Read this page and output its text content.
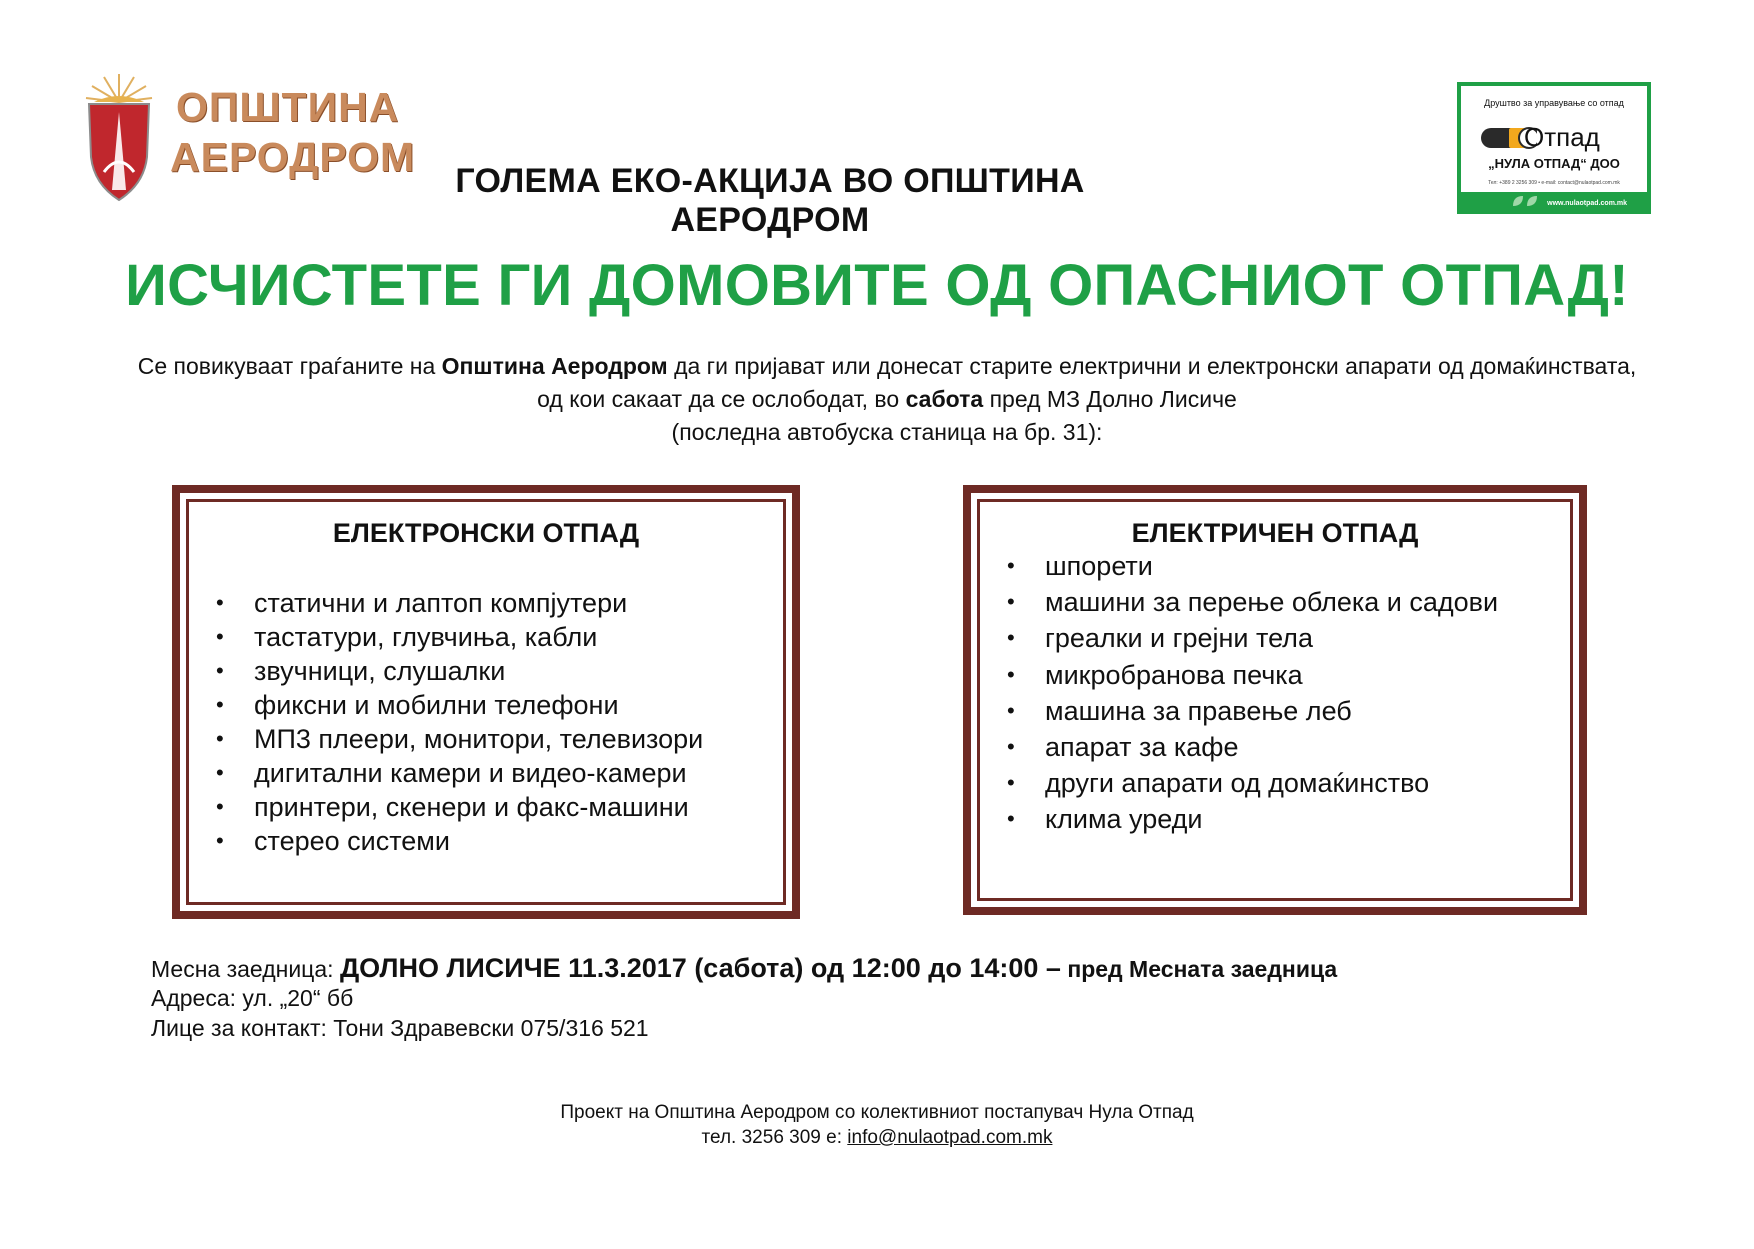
ОПШТИНА
АЕРОДРОМ
ГОЛЕМА ЕКО-АКЦИЈА ВО ОПШТИНА АЕРОДРОМ
Друштво за управување со отпад
Отпад
„НУЛА ОТПАД“ ДОО
Тел: +389 2 3256 309 • e-mail: contact@nulaotpad.com.mk
www.nulaotpad.com.mk
ИСЧИСТЕТЕ ГИ ДОМОВИТЕ ОД ОПАСНИОТ ОТПАД!
Се повикуваат граѓаните на Општина Аеродром да ги пријават или донесат старите електрични и електронски апарати од домаќинствата, од кои сакаат да се ослободат, во сабота пред МЗ Долно Лисиче
(последна автобуска станица на бр. 31):
ЕЛЕКТРОНСКИ ОТПАД
• статични и лаптоп компјутери
• тастатури, глувчиња, кабли
• звучници, слушалки
• фиксни и мобилни телефони
• МП3 плеери, монитори, телевизори
• дигитални камери и видео-камери
• принтери, скенери и факс-машини
• стерео системи
ЕЛЕКТРИЧЕН ОТПАД
• шпорети
• машини за перење облека и садови
• греалки и грејни тела
• микробранова печка
• машина за правење леб
• апарат за кафе
• други апарати од домаќинство
• клима уреди
Месна заедница: ДОЛНО ЛИСИЧЕ 11.3.2017 (сабота) од 12:00 до 14:00 – пред Месната заедница
Адреса: ул. „20“ бб
Лице за контакт: Тони Здравевски 075/316 521
Проект на Општина Аеродром со колективниот постапувач Нула Отпад
тел. 3256 309 е: info@nulaotpad.com.mk
